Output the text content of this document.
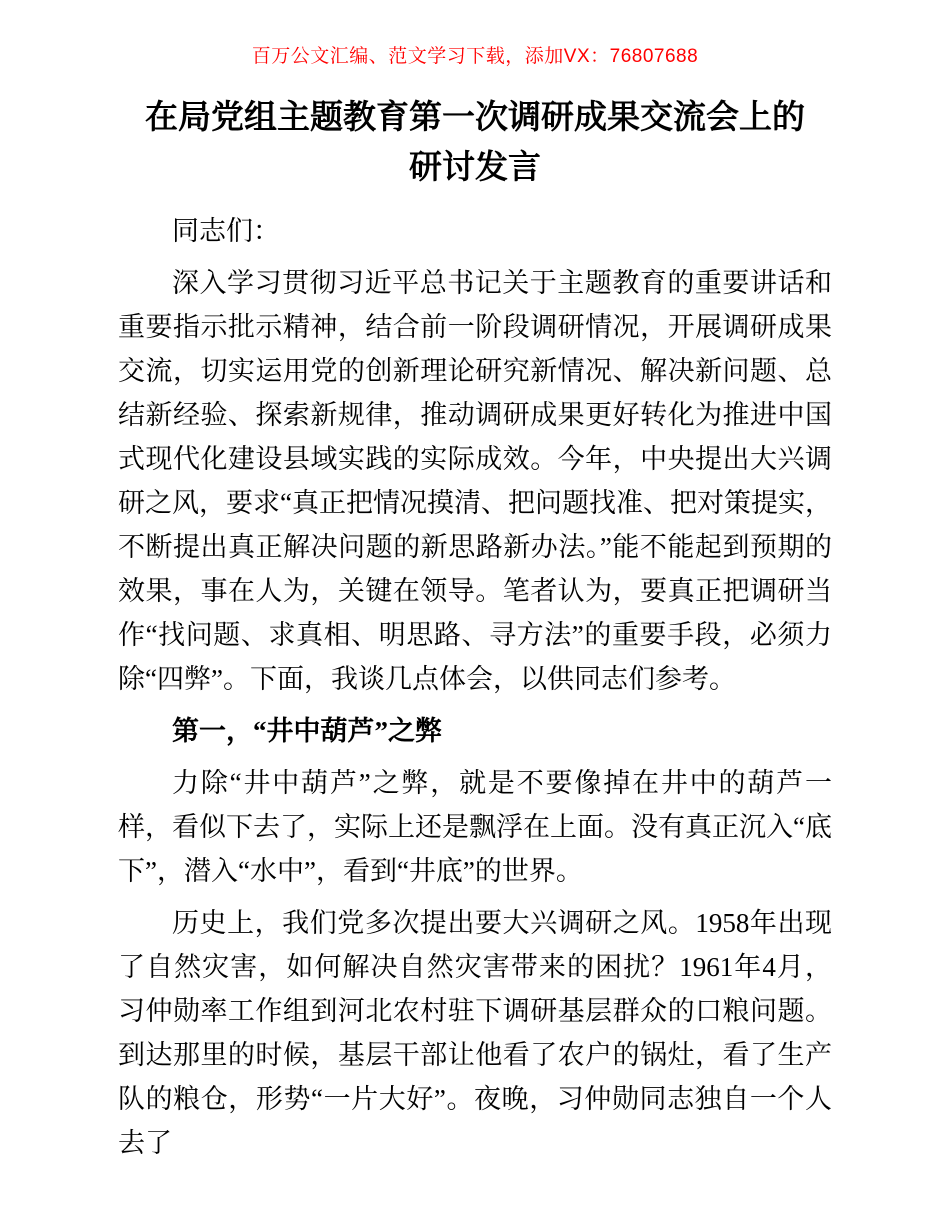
百万公文汇编、范文学习下载，添加VX：76807688
在局党组主题教育第一次调研成果交流会上的研讨发言

同志们：

深入学习贯彻习近平总书记关于主题教育的重要讲话和重要指示批示精神，结合前一阶段调研情况，开展调研成果交流，切实运用党的创新理论研究新情况、解决新问题、总结新经验、探索新规律，推动调研成果更好转化为推进中国式现代化建设县域实践的实际成效。今年，中央提出大兴调研之风，要求“真正把情况摸清、把问题找准、把对策提实，不断提出真正解决问题的新思路新办法。”能不能起到预期的效果，事在人为，关键在领导。笔者认为，要真正把调研当作“找问题、求真相、明思路、寻方法”的重要手段，必须力除“四弊”。下面，我谈几点体会，以供同志们参考。

第一，“井中葫芦”之弊

力除“井中葫芦”之弊，就是不要像掉在井中的葫芦一样，看似下去了，实际上还是飘浮在上面。没有真正沉入“底下”，潜入“水中”，看到“井底”的世界。

历史上，我们党多次提出要大兴调研之风。1958年出现了自然灾害，如何解决自然灾害带来的困扰？1961年4月，习仲勋率工作组到河北农村驻下调研基层群众的口粮问题。到达那里的时候，基层干部让他看了农户的锅灶，看了生产队的粮仓，形势“一片大好”。夜晚，习仲勋同志独自一个人去了
